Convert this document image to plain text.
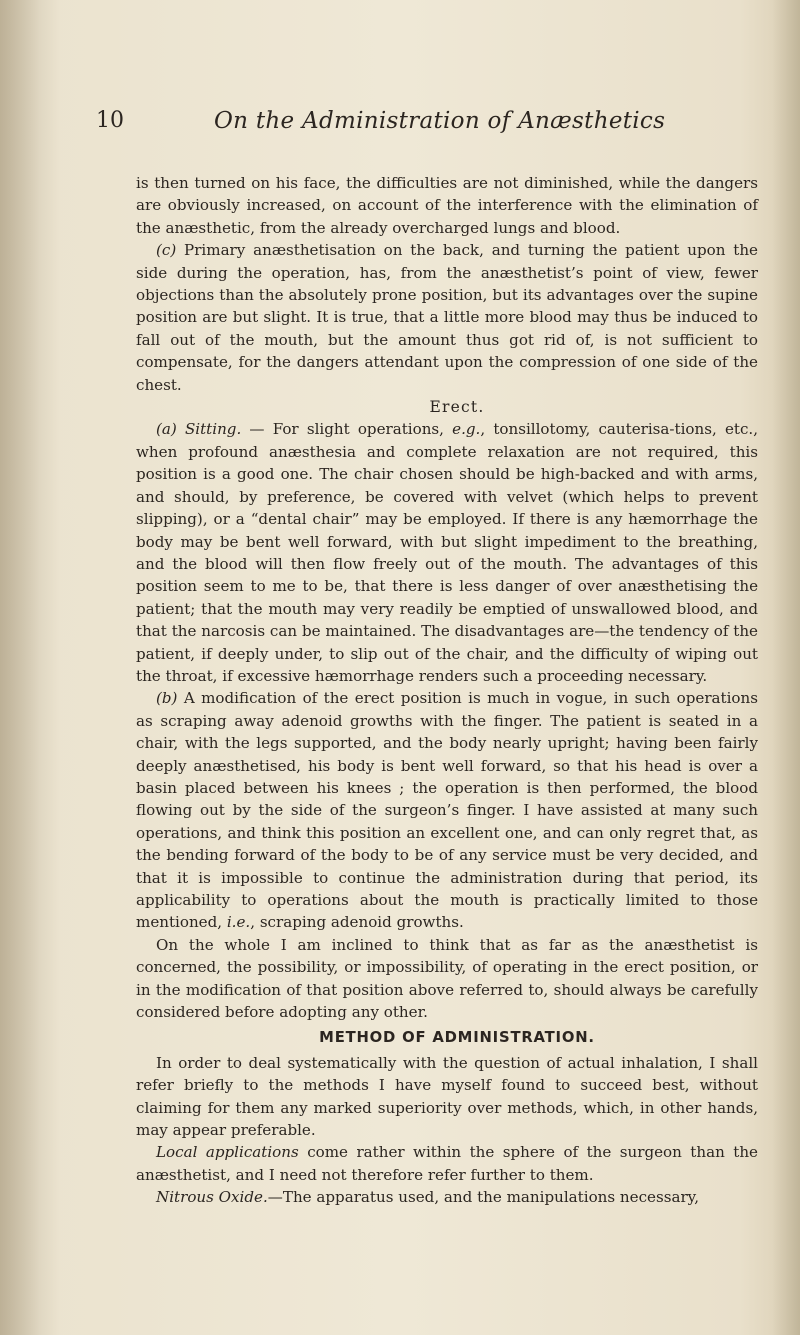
10	On the Administration of Anæsthetics

is then turned on his face, the difficulties are not diminished, while the dangers are obviously increased, on account of the interference with the elimination of the anæsthetic, from the already overcharged lungs and blood.

(c) Primary anæsthetisation on the back, and turning the patient upon the side during the operation, has, from the anæsthetist’s point of view, fewer objections than the absolutely prone position, but its advantages over the supine position are but slight. It is true, that a little more blood may thus be induced to fall out of the mouth, but the amount thus got rid of, is not sufficient to compensate, for the dangers attendant upon the compression of one side of the chest.

Erect.

(a) Sitting. — For slight operations, e.g., tonsillotomy, cauterisa-tions, etc., when profound anæsthesia and complete relaxation are not required, this position is a good one. The chair chosen should be high-backed and with arms, and should, by preference, be covered with velvet (which helps to prevent slipping), or a “dental chair” may be employed. If there is any hæmorrhage the body may be bent well forward, with but slight impediment to the breathing, and the blood will then flow freely out of the mouth. The advantages of this position seem to me to be, that there is less danger of over anæsthetising the patient; that the mouth may very readily be emptied of unswallowed blood, and that the narcosis can be maintained. The disadvantages are—the tendency of the patient, if deeply under, to slip out of the chair, and the difficulty of wiping out the throat, if excessive hæmorrhage renders such a proceeding necessary.

(b) A modification of the erect position is much in vogue, in such operations as scraping away adenoid growths with the finger. The patient is seated in a chair, with the legs supported, and the body nearly upright; having been fairly deeply anæsthetised, his body is bent well forward, so that his head is over a basin placed between his knees ; the operation is then performed, the blood flowing out by the side of the surgeon’s finger. I have assisted at many such operations, and think this position an excellent one, and can only regret that, as the bending forward of the body to be of any service must be very decided, and that it is impossible to continue the administration during that period, its applicability to operations about the mouth is practically limited to those mentioned, i.e., scraping adenoid growths.

On the whole I am inclined to think that as far as the anæsthetist is concerned, the possibility, or impossibility, of operating in the erect position, or in the modification of that position above referred to, should always be carefully considered before adopting any other.

METHOD OF ADMINISTRATION.

In order to deal systematically with the question of actual inhalation, I shall refer briefly to the methods I have myself found to succeed best, without claiming for them any marked superiority over methods, which, in other hands, may appear preferable.

Local applications come rather within the sphere of the surgeon than the anæsthetist, and I need not therefore refer further to them.

Nitrous Oxide.—The apparatus used, and the manipulations necessary,
